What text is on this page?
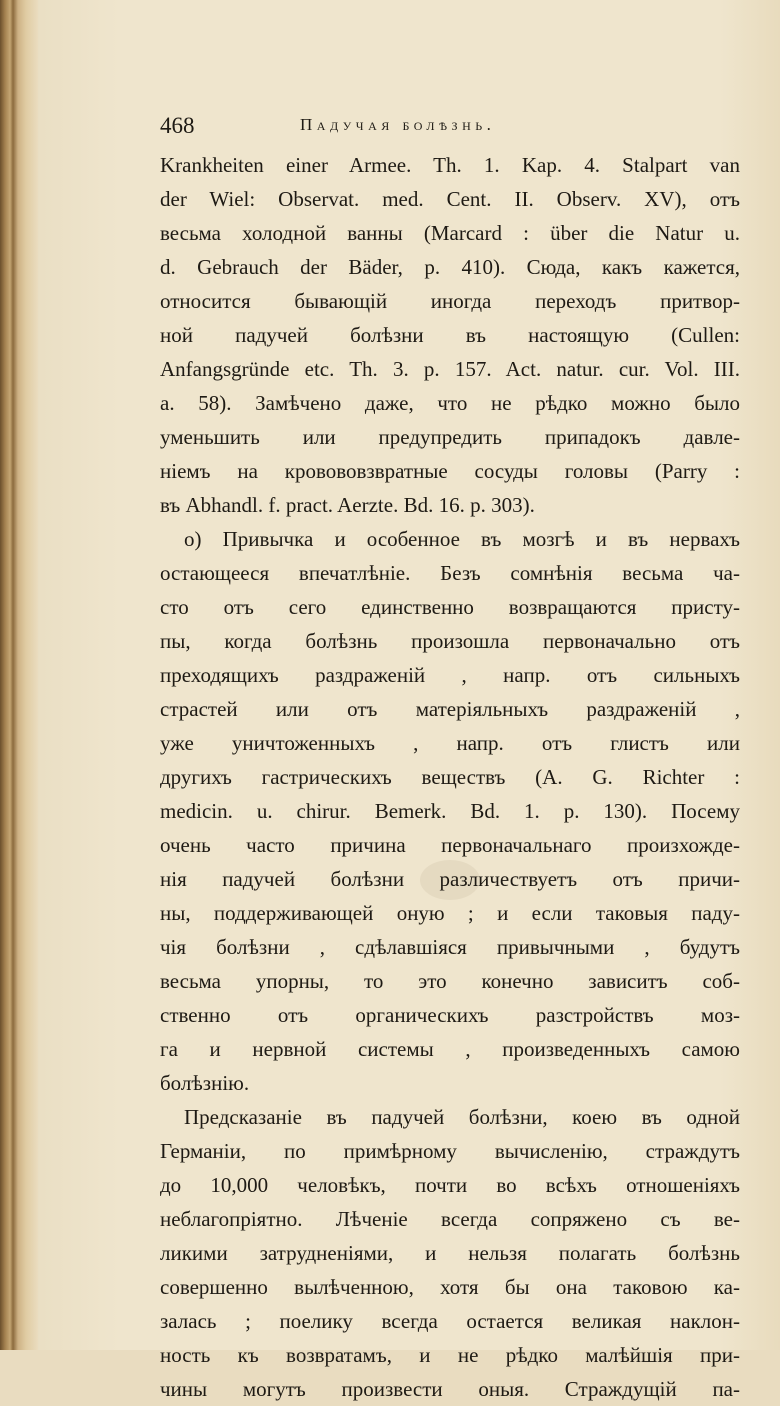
468	Падучая болѣзнь.
Krankheiten einer Armee. Th. 1. Kap. 4. Stalpart van
der Wiel: Observat. med. Cent. II. Observ. XV), отъ
весьма холодной ванны (Marcard : über die Natur u.
d. Gebrauch der Bäder, p. 410). Сюда, какъ кажется,
относится бывающій иногда переходъ притвор-
ной падучей болѣзни въ настоящую (Cullen:
Anfangsgründe etc. Th. 3. p. 157. Act. natur. cur. Vol. III.
a. 58). Замѣчено даже, что не рѣдко можно было
уменьшить или предупредить припадокъ давле-
ніемъ на кровововзвратные сосуды головы (Parry :
въ Abhandl. f. pract. Aerzte. Bd. 16. p. 303).
o) Привычка и особенное въ мозгѣ и въ нервахъ
остающееся впечатлѣніе. Безъ сомнѣнія весьма ча-
сто отъ сего единственно возвращаются присту-
пы, когда болѣзнь произошла первоначально отъ
преходящихъ раздраженій , напр. отъ сильныхъ
страстей или отъ матеріяльныхъ раздраженій ,
уже уничтоженныхъ , напр. отъ глистъ или
другихъ гастрическихъ веществъ (A. G. Richter :
medicin. u. chirur. Bemerk. Bd. 1. p. 130). Посему
очень часто причина первоначальнаго произхожде-
нія падучей болѣзни различествуетъ отъ причи-
ны, поддерживающей оную ; и если таковыя паду-
чія болѣзни , сдѣлавшіяся привычными , будутъ
весьма упорны, то это конечно зависитъ соб-
ственно отъ органическихъ разстройствъ моз-
га и нервной системы , произведенныхъ самою
болѣзнію.
Предсказаніе въ падучей болѣзни, коею въ одной
Германіи, по примѣрному вычисленію, страждутъ
до 10,000 человѣкъ, почти во всѣхъ отношеніяхъ
неблагопріятно. Лѣченіе всегда сопряжено съ ве-
ликими затрудненіями, и нельзя полагать болѣзнь
совершенно вылѣченною, хотя бы она таковою ка-
залась ; поелику всегда остается великая наклон-
ность къ возвратамъ, и не рѣдко малѣйшія при-
чины могутъ произвести оныя. Страждущій па-
